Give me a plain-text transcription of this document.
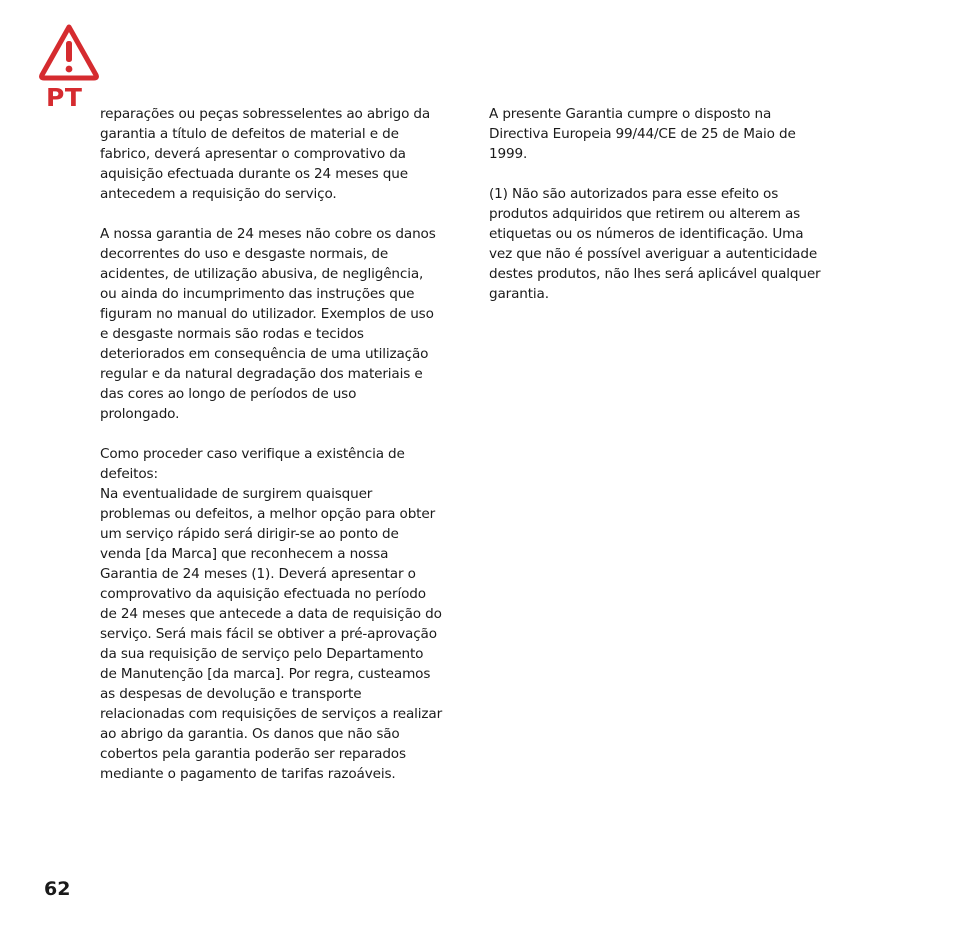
PT

reparações ou peças sobresselentes ao abrigo da
garantia a título de defeitos de material e de
fabrico, deverá apresentar o comprovativo da
aquisição efectuada durante os 24 meses que
antecedem a requisição do serviço.

A nossa garantia de 24 meses não cobre os danos
decorrentes do uso e desgaste normais, de
acidentes, de utilização abusiva, de negligência,
ou ainda do incumprimento das instruções que
figuram no manual do utilizador. Exemplos de uso
e desgaste normais são rodas e tecidos
deteriorados em consequência de uma utilização
regular e da natural degradação dos materiais e
das cores ao longo de períodos de uso
prolongado.

Como proceder caso verifique a existência de
defeitos:
Na eventualidade de surgirem quaisquer
problemas ou defeitos, a melhor opção para obter
um serviço rápido será dirigir-se ao ponto de
venda [da Marca] que reconhecem a nossa
Garantia de 24 meses (1). Deverá apresentar o
comprovativo da aquisição efectuada no período
de 24 meses que antecede a data de requisição do
serviço. Será mais fácil se obtiver a pré-aprovação
da sua requisição de serviço pelo Departamento
de Manutenção [da marca]. Por regra, custeamos
as despesas de devolução e transporte
relacionadas com requisições de serviços a realizar
ao abrigo da garantia. Os danos que não são
cobertos pela garantia poderão ser reparados
mediante o pagamento de tarifas razoáveis.

A presente Garantia cumpre o disposto na
Directiva Europeia 99/44/CE de 25 de Maio de
1999.

(1) Não são autorizados para esse efeito os
produtos adquiridos que retirem ou alterem as
etiquetas ou os números de identificação. Uma
vez que não é possível averiguar a autenticidade
destes produtos, não lhes será aplicável qualquer
garantia.

62
